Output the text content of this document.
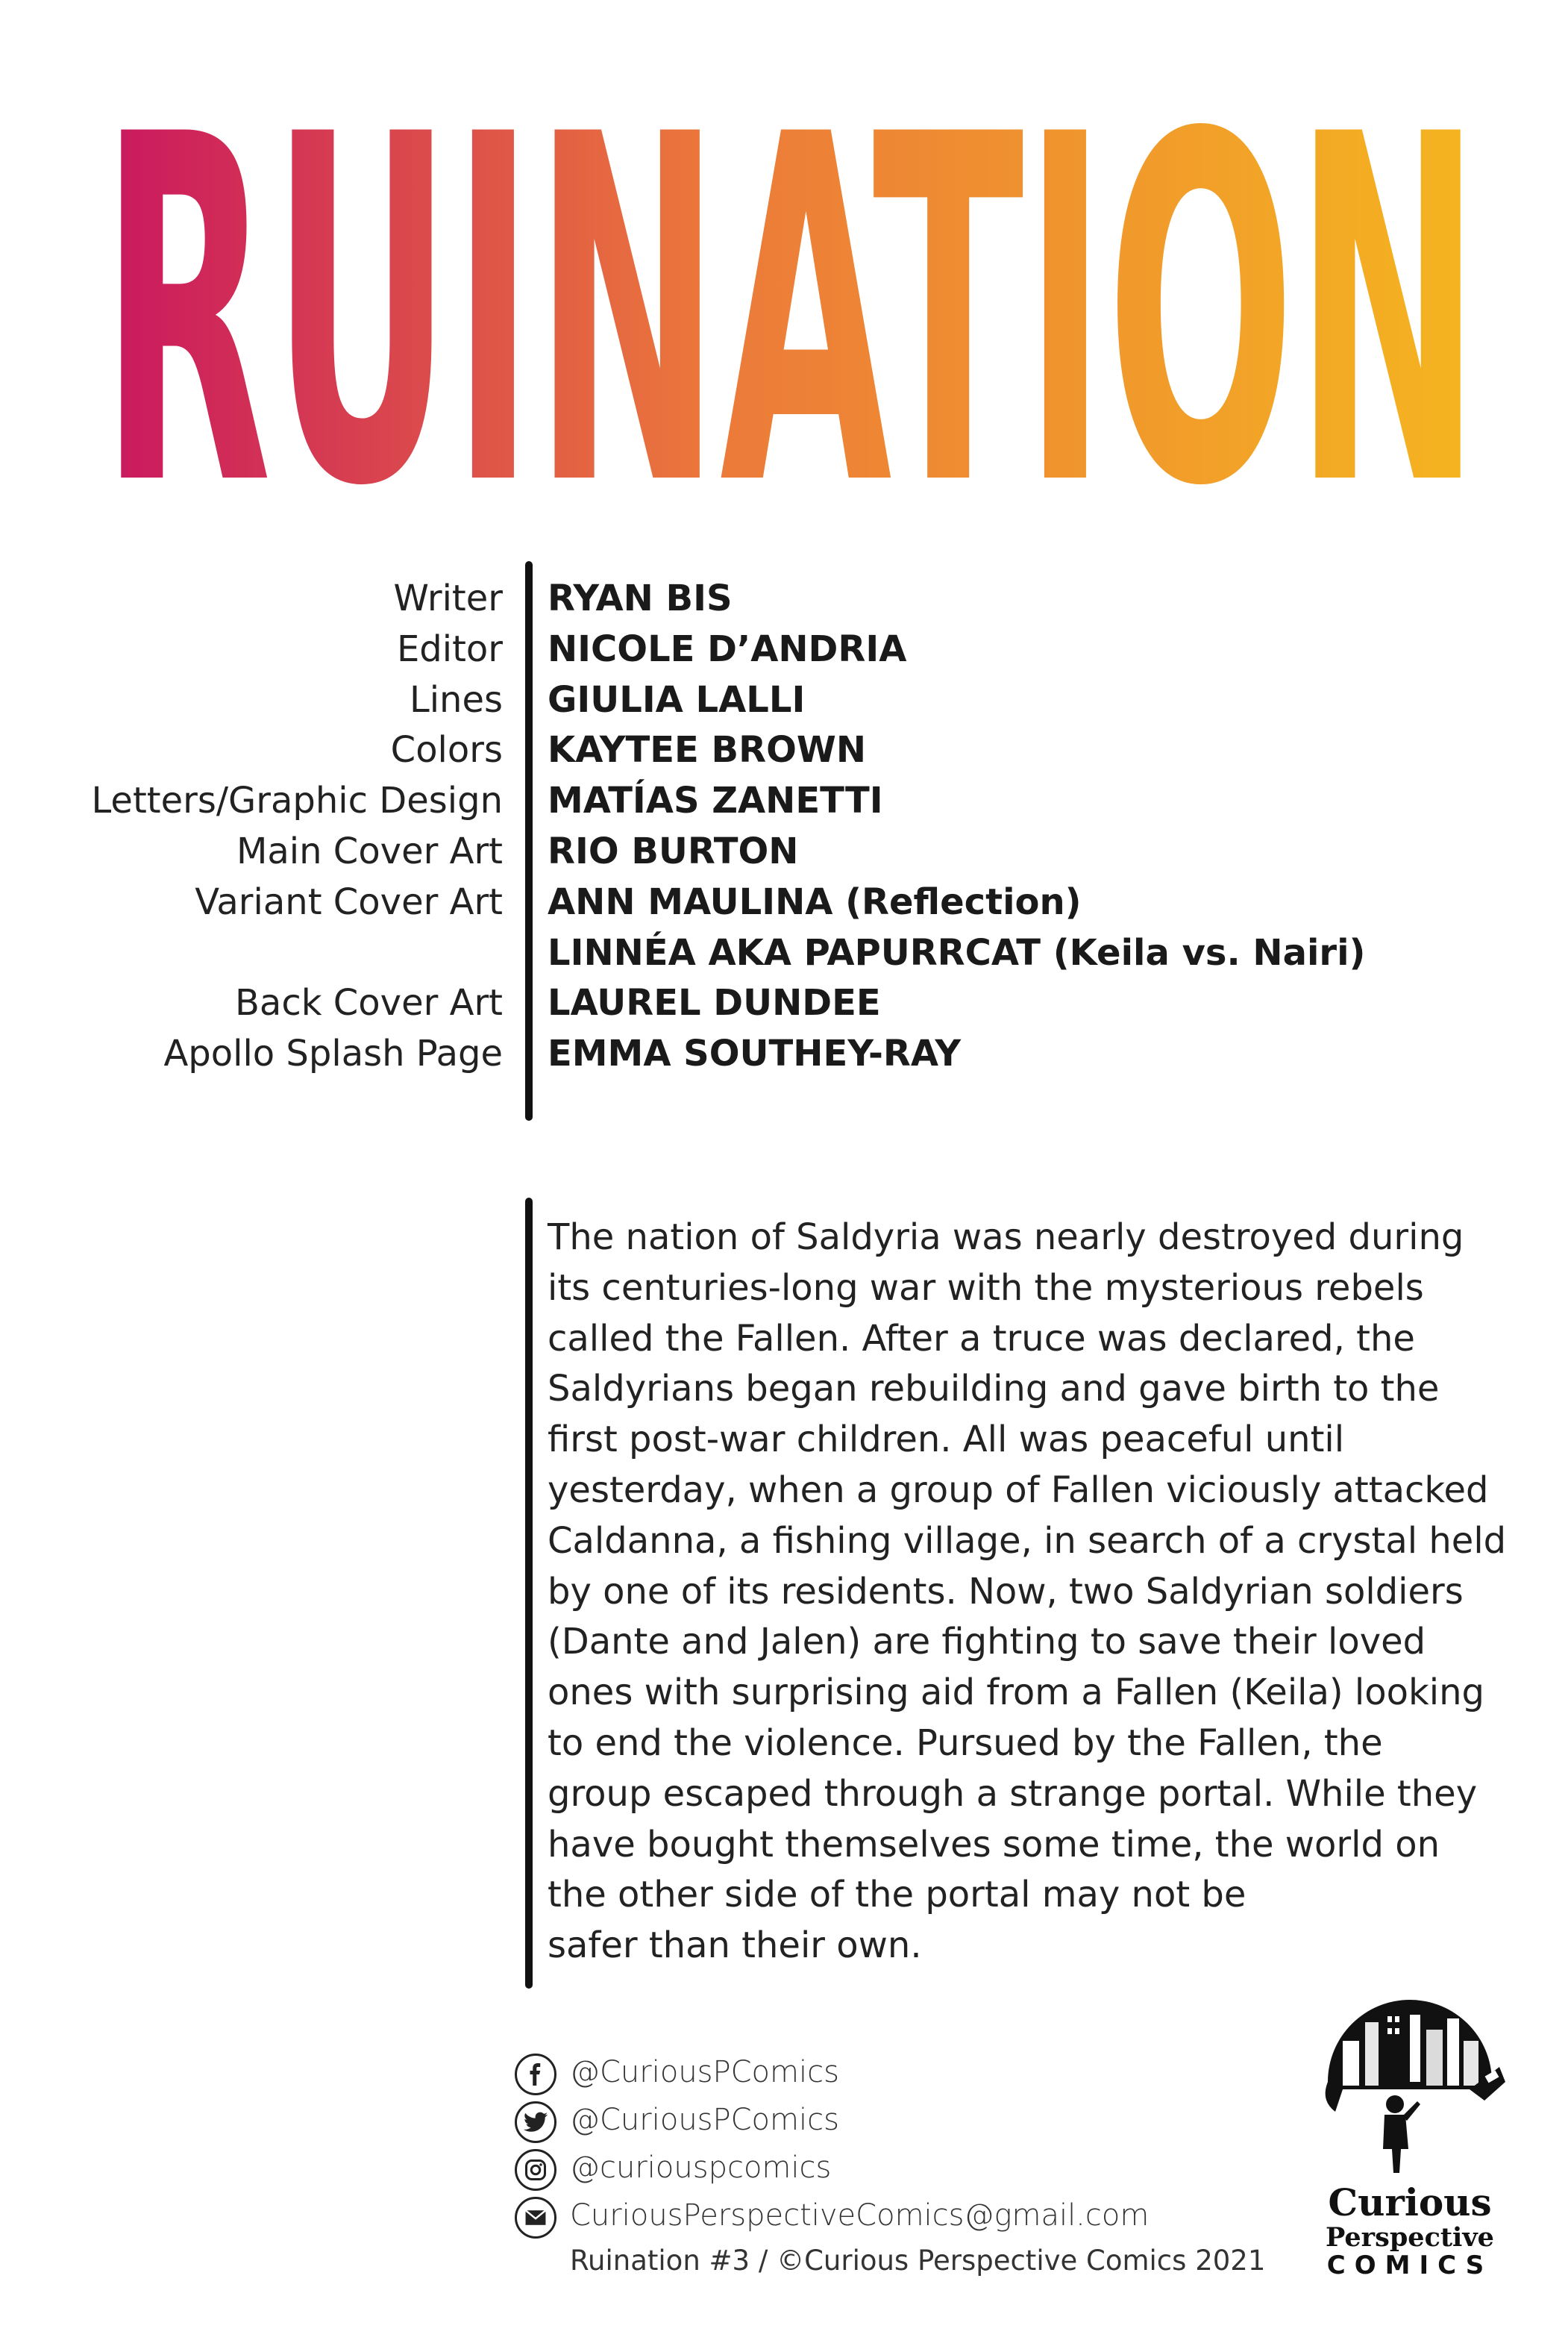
RUINATION
Writer RYAN BIS
Editor NICOLE D’ANDRIA
Lines GIULIA LALLI
Colors KAYTEE BROWN
Letters/Graphic Design MATÍAS ZANETTI
Main Cover Art RIO BURTON
Variant Cover Art ANN MAULINA (Reflection)
LINNÉA AKA PAPURRCAT (Keila vs. Nairi)
Back Cover Art LAUREL DUNDEE
Apollo Splash Page EMMA SOUTHEY-RAY
The nation of Saldyria was nearly destroyed during
its centuries-long war with the mysterious rebels
called the Fallen. After a truce was declared, the
Saldyrians began rebuilding and gave birth to the
first post-war children. All was peaceful until
yesterday, when a group of Fallen viciously attacked
Caldanna, a fishing village, in search of a crystal held
by one of its residents. Now, two Saldyrian soldiers
(Dante and Jalen) are fighting to save their loved
ones with surprising aid from a Fallen (Keila) looking
to end the violence. Pursued by the Fallen, the
group escaped through a strange portal. While they
have bought themselves some time, the world on
the other side of the portal may not be
safer than their own.
@CuriousPComics
@CuriousPComics
@curiouspcomics
CuriousPerspectiveComics@gmail.com
Ruination #3 / ©Curious Perspective Comics 2021
Curious
Perspective
COMICS
